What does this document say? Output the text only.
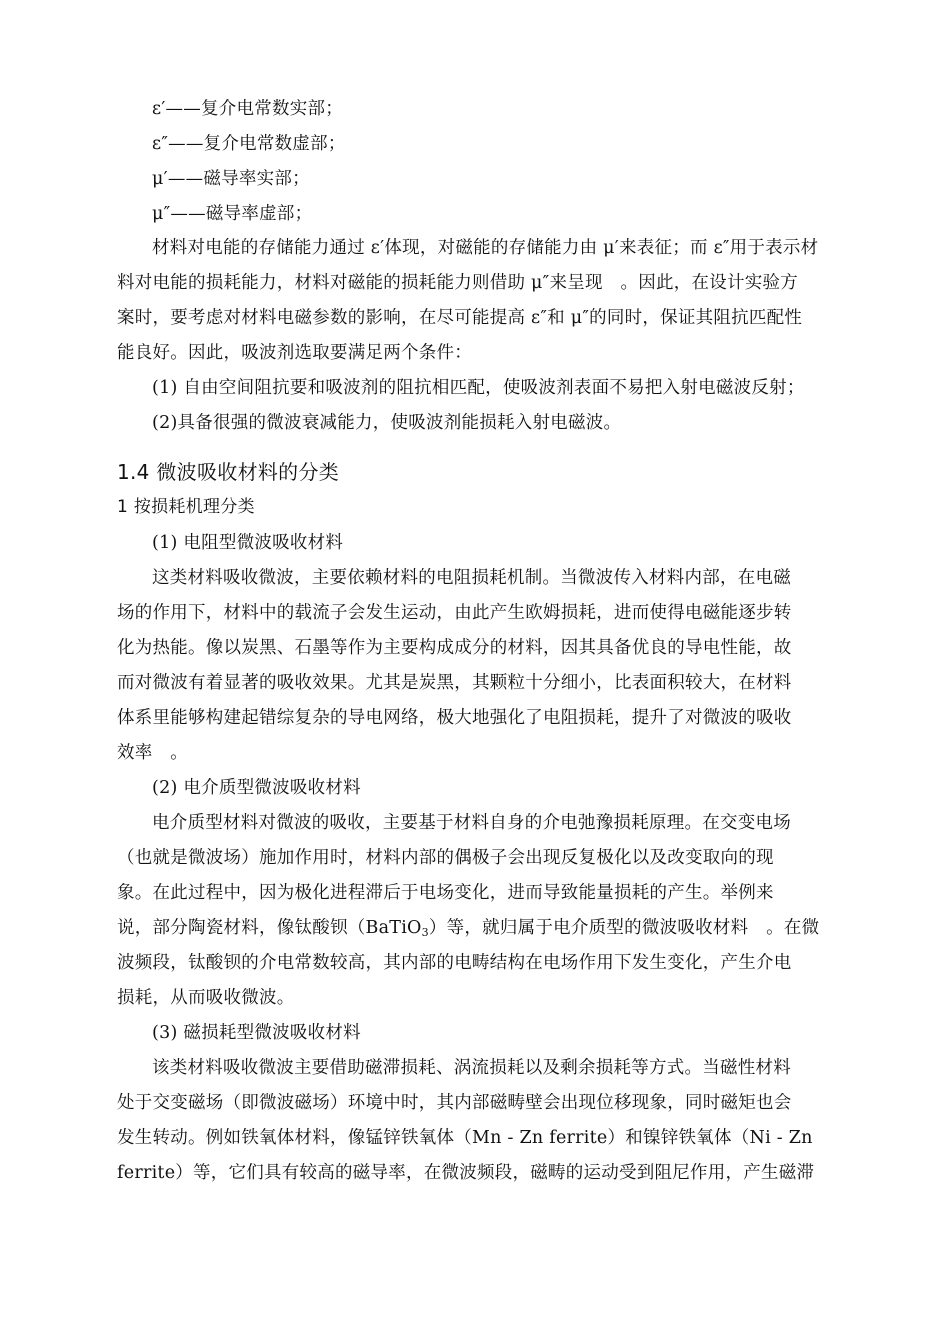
ε′——复介电常数实部；
ε″——复介电常数虚部；
μ′——磁导率实部；
μ″——磁导率虚部；
材料对电能的存储能力通过 ε′体现，对磁能的存储能力由 μ′来表征；而 ε″用于表示材
料对电能的损耗能力，材料对磁能的损耗能力则借助 μ″来呈现　。因此，在设计实验方
案时，要考虑对材料电磁参数的影响，在尽可能提高 ε″和 μ″的同时，保证其阻抗匹配性
能良好。因此，吸波剂选取要满足两个条件：
(1) 自由空间阻抗要和吸波剂的阻抗相匹配，使吸波剂表面不易把入射电磁波反射；
(2)具备很强的微波衰减能力，使吸波剂能损耗入射电磁波。
1.4 微波吸收材料的分类
1 按损耗机理分类
(1) 电阻型微波吸收材料
这类材料吸收微波，主要依赖材料的电阻损耗机制。当微波传入材料内部，在电磁
场的作用下，材料中的载流子会发生运动，由此产生欧姆损耗，进而使得电磁能逐步转
化为热能。像以炭黑、石墨等作为主要构成成分的材料，因其具备优良的导电性能，故
而对微波有着显著的吸收效果。尤其是炭黑，其颗粒十分细小，比表面积较大，在材料
体系里能够构建起错综复杂的导电网络，极大地强化了电阻损耗，提升了对微波的吸收
效率　。
(2) 电介质型微波吸收材料
电介质型材料对微波的吸收，主要基于材料自身的介电弛豫损耗原理。在交变电场
（也就是微波场）施加作用时，材料内部的偶极子会出现反复极化以及改变取向的现
象。在此过程中，因为极化进程滞后于电场变化，进而导致能量损耗的产生。举例来
说，部分陶瓷材料，像钛酸钡（BaTiO$_3$）等，就归属于电介质型的微波吸收材料　。在微
波频段，钛酸钡的介电常数较高，其内部的电畴结构在电场作用下发生变化，产生介电
损耗，从而吸收微波。
(3) 磁损耗型微波吸收材料
该类材料吸收微波主要借助磁滞损耗、涡流损耗以及剩余损耗等方式。当磁性材料
处于交变磁场（即微波磁场）环境中时，其内部磁畴壁会出现位移现象，同时磁矩也会
发生转动。例如铁氧体材料，像锰锌铁氧体（Mn - Zn ferrite）和镍锌铁氧体（Ni - Zn
ferrite）等，它们具有较高的磁导率，在微波频段，磁畴的运动受到阻尼作用，产生磁滞
